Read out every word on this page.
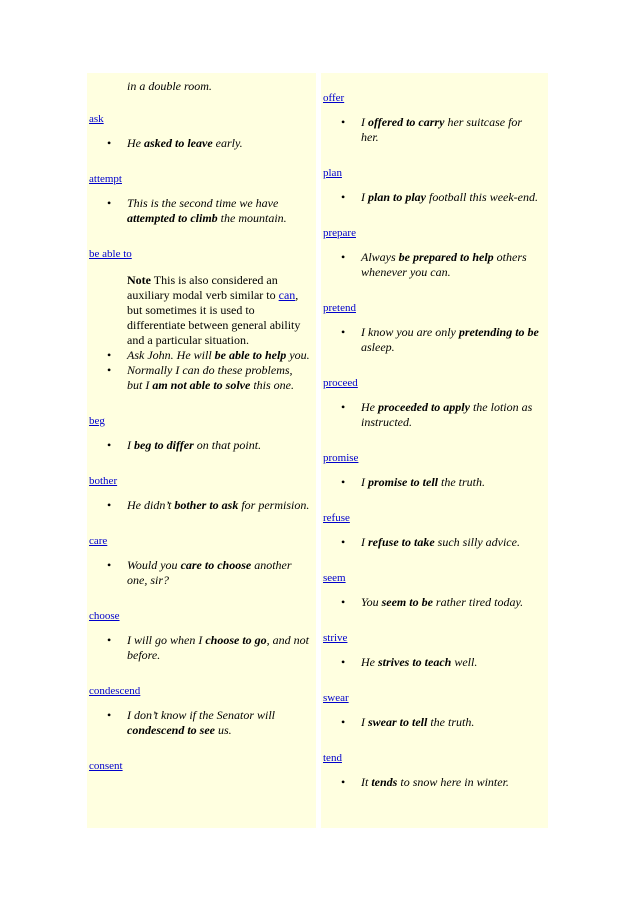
in a double room.
ask
• He asked to leave early.
attempt
• This is the second time we have attempted to climb the mountain.
be able to
Note This is also considered an auxiliary modal verb similar to can, but sometimes it is used to differentiate between general ability and a particular situation.
• Ask John. He will be able to help you.
• Normally I can do these problems, but I am not able to solve this one.
beg
• I beg to differ on that point.
bother
• He didn’t bother to ask for permision.
care
• Would you care to choose another one, sir?
choose
• I will go when I choose to go, and not before.
condescend
• I don’t know if the Senator will condescend to see us.
consent
offer
• I offered to carry her suitcase for her.
plan
• I plan to play football this week-end.
prepare
• Always be prepared to help others whenever you can.
pretend
• I know you are only pretending to be asleep.
proceed
• He proceeded to apply the lotion as instructed.
promise
• I promise to tell the truth.
refuse
• I refuse to take such silly advice.
seem
• You seem to be rather tired today.
strive
• He strives to teach well.
swear
• I swear to tell the truth.
tend
• It tends to snow here in winter.
